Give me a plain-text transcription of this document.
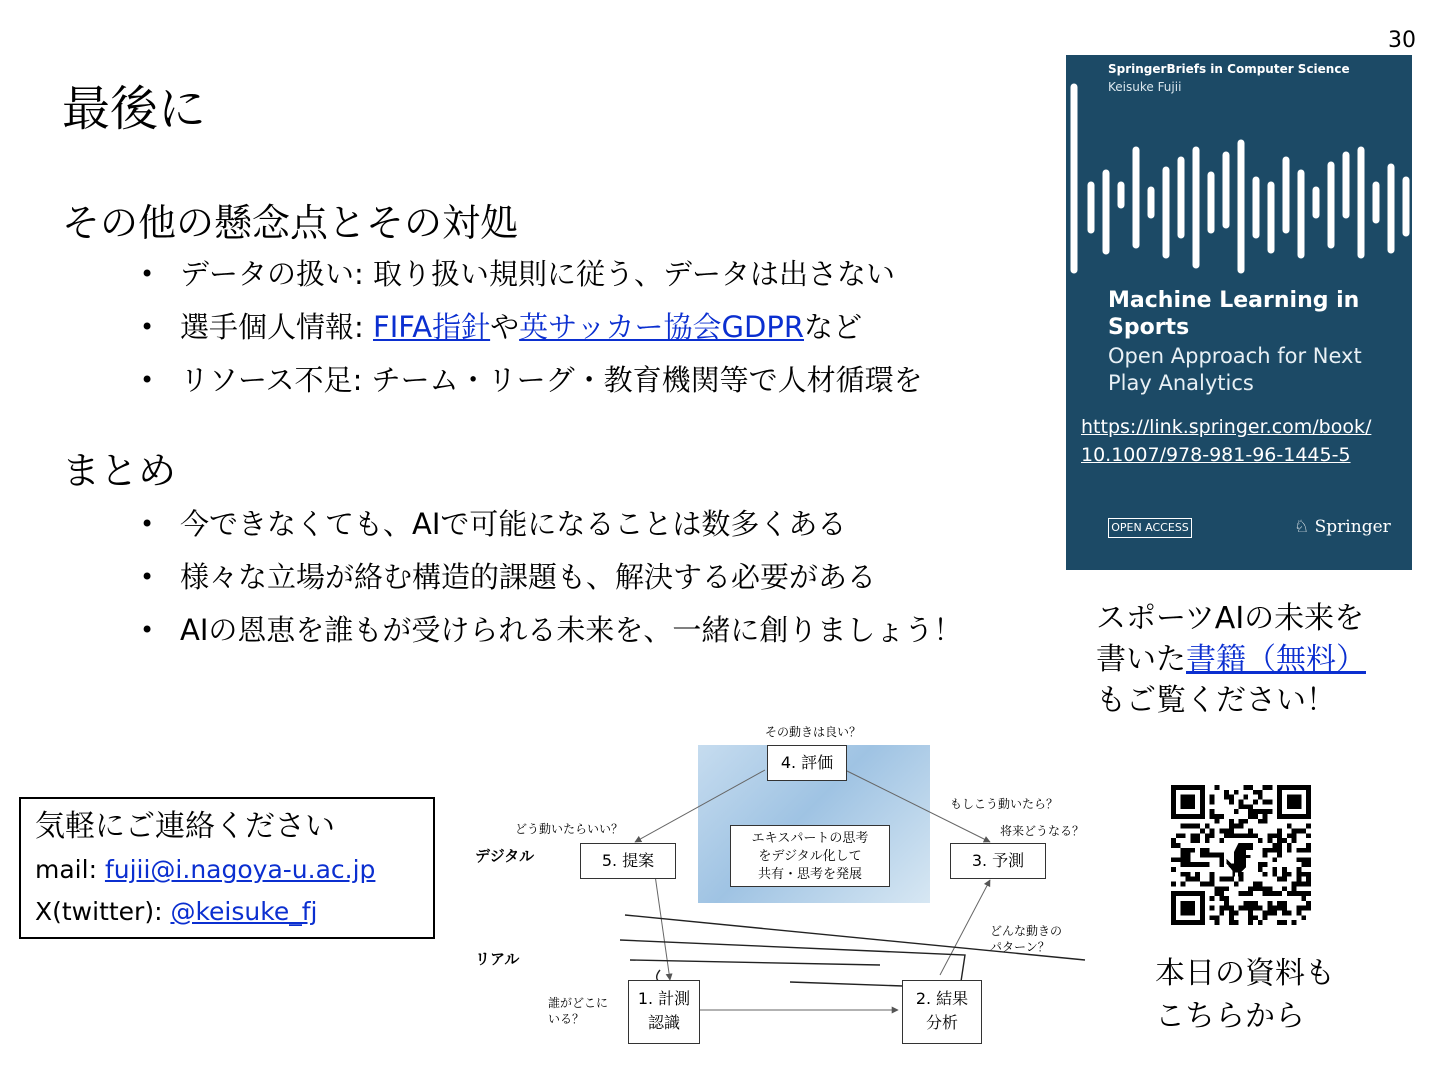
30
最後に
その他の懸念点とその対処
• データの扱い: 取り扱い規則に従う、データは出さない
• 選手個人情報: FIFA指針や英サッカー協会GDPRなど
• リソース不足: チーム・リーグ・教育機関等で人材循環を
まとめ
• 今できなくても、AIで可能になることは数多くある
• 様々な立場が絡む構造的課題も、解決する必要がある
• AIの恩恵を誰もが受けられる未来を、一緒に創りましょう！
気軽にご連絡ください
mail: fujii@i.nagoya-u.ac.jp
X(twitter): @keisuke_fj
SpringerBriefs in Computer Science
Keisuke Fujii
Machine Learning in Sports
Open Approach for Next Play Analytics
https://link.springer.com/book/
10.1007/978-981-96-1445-5
OPEN ACCESS	♘ Springer
スポーツAIの未来を
書いた書籍（無料）
もご覧ください！
本日の資料も
こちらから
その動きは良い？
4. 評価
どう動いたらいい？
もしこう動いたら？
将来どうなる？
デジタル	5. 提案	3. 予測
エキスパートの思考
をデジタル化して
共有・思考を発展
どんな動きの
パターン？
リアル
誰がどこに
いる？
1. 計測
認識
2. 結果
分析
